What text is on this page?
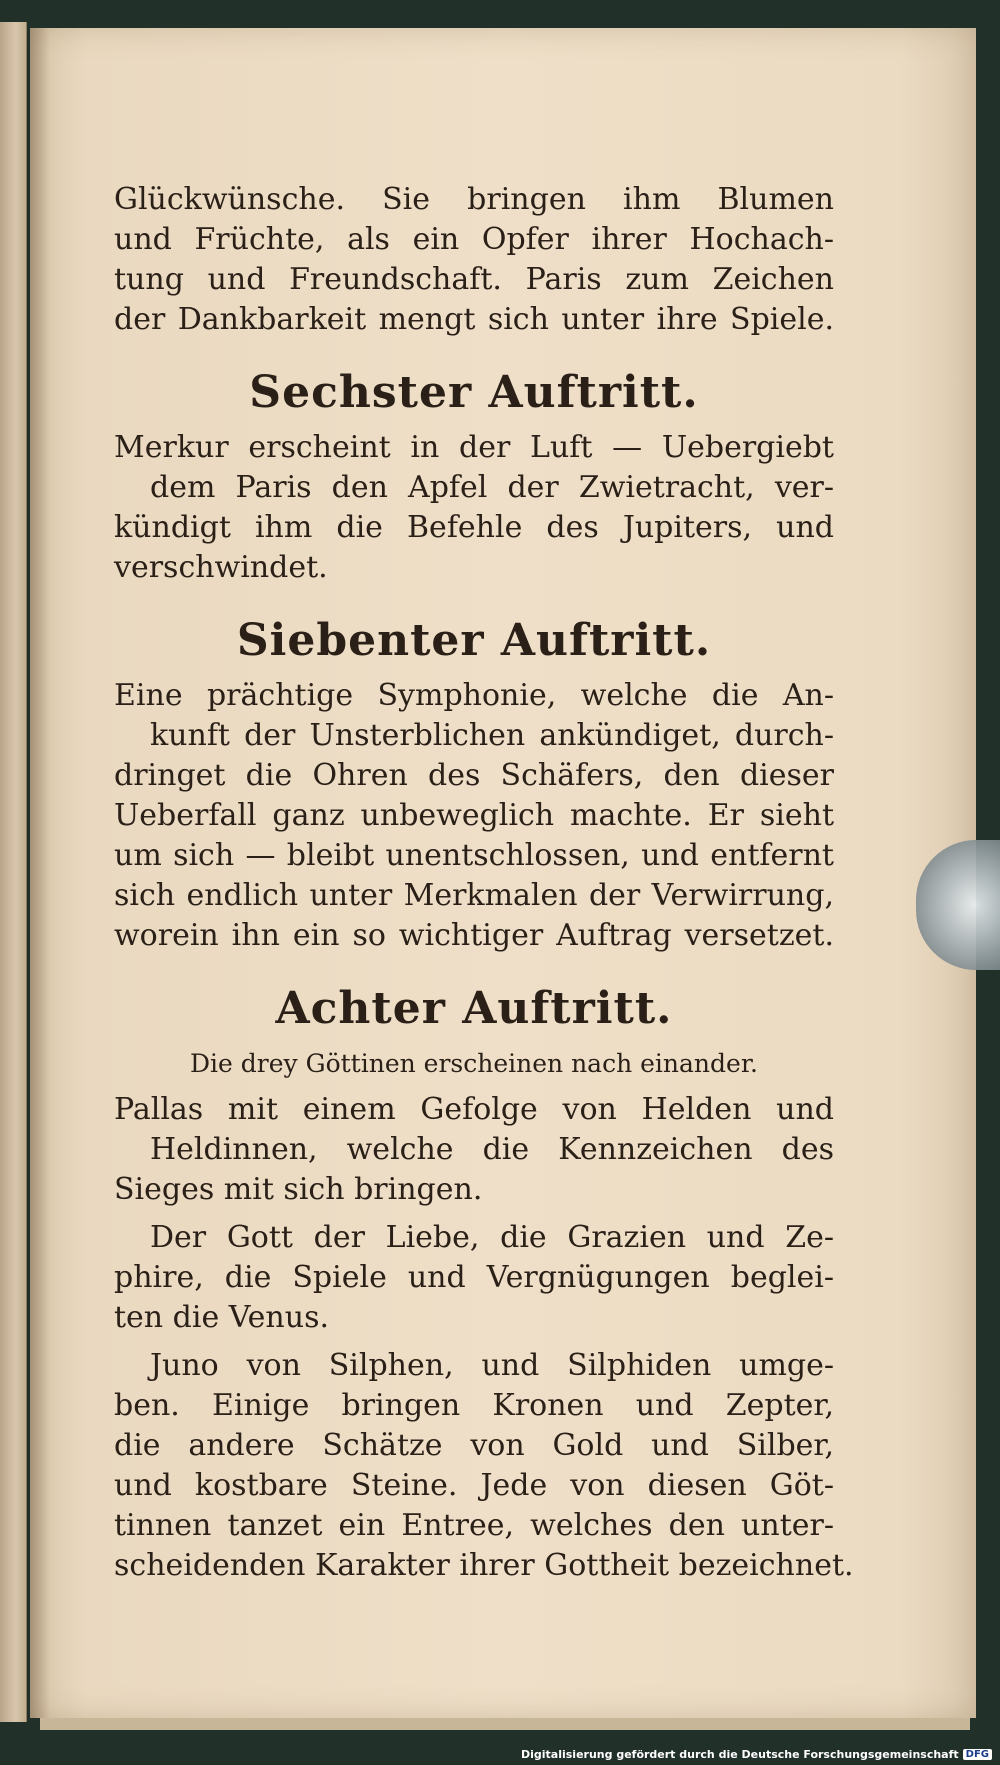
Glückwünsche. Sie bringen ihm Blumen
und Früchte, als ein Opfer ihrer Hochach-
tung und Freundschaft. Paris zum Zeichen
der Dankbarkeit mengt sich unter ihre Spiele.
Sechster Auftritt.
Merkur erscheint in der Luft — Uebergiebt
dem Paris den Apfel der Zwietracht, ver-
kündigt ihm die Befehle des Jupiters, und
verschwindet.
Siebenter Auftritt.
Eine prächtige Symphonie, welche die An-
kunft der Unsterblichen ankündiget, durch-
dringet die Ohren des Schäfers, den dieser
Ueberfall ganz unbeweglich machte. Er sieht
um sich — bleibt unentschlossen, und entfernt
sich endlich unter Merkmalen der Verwirrung,
worein ihn ein so wichtiger Auftrag versetzet.
Achter Auftritt.
Die drey Göttinen erscheinen nach einander.
Pallas mit einem Gefolge von Helden und
Heldinnen, welche die Kennzeichen des
Sieges mit sich bringen.
Der Gott der Liebe, die Grazien und Ze-
phire, die Spiele und Vergnügungen beglei-
ten die Venus.
Juno von Silphen, und Silphiden umge-
ben. Einige bringen Kronen und Zepter,
die andere Schätze von Gold und Silber,
und kostbare Steine. Jede von diesen Göt-
tinnen tanzet ein Entree, welches den unter-
scheidenden Karakter ihrer Gottheit bezeichnet.
Digitalisierung gefördert durch die Deutsche Forschungsgemeinschaft DFG
